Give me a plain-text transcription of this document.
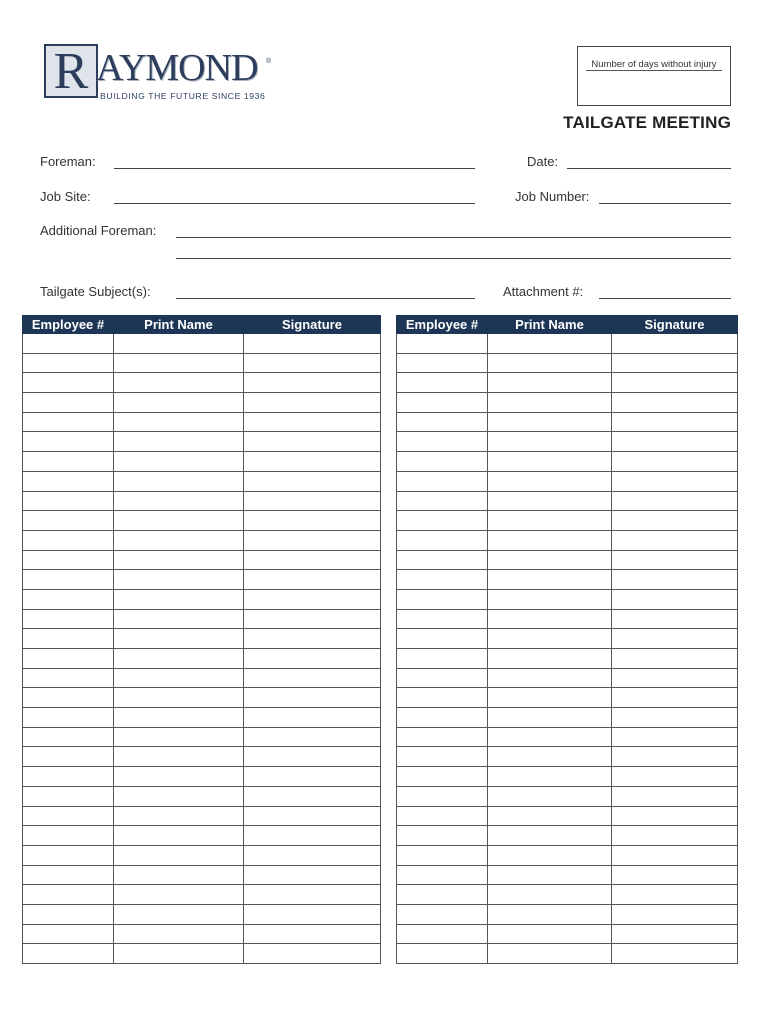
R AYMOND ®
BUILDING THE FUTURE SINCE 1936
Number of days without injury
TAILGATE MEETING
Foreman:	Date:
Job Site:	Job Number:
Additional Foreman:
Tailgate Subject(s):	Attachment #:
Employee #	Print Name	Signature

			Employee #	Print Name	Signature
